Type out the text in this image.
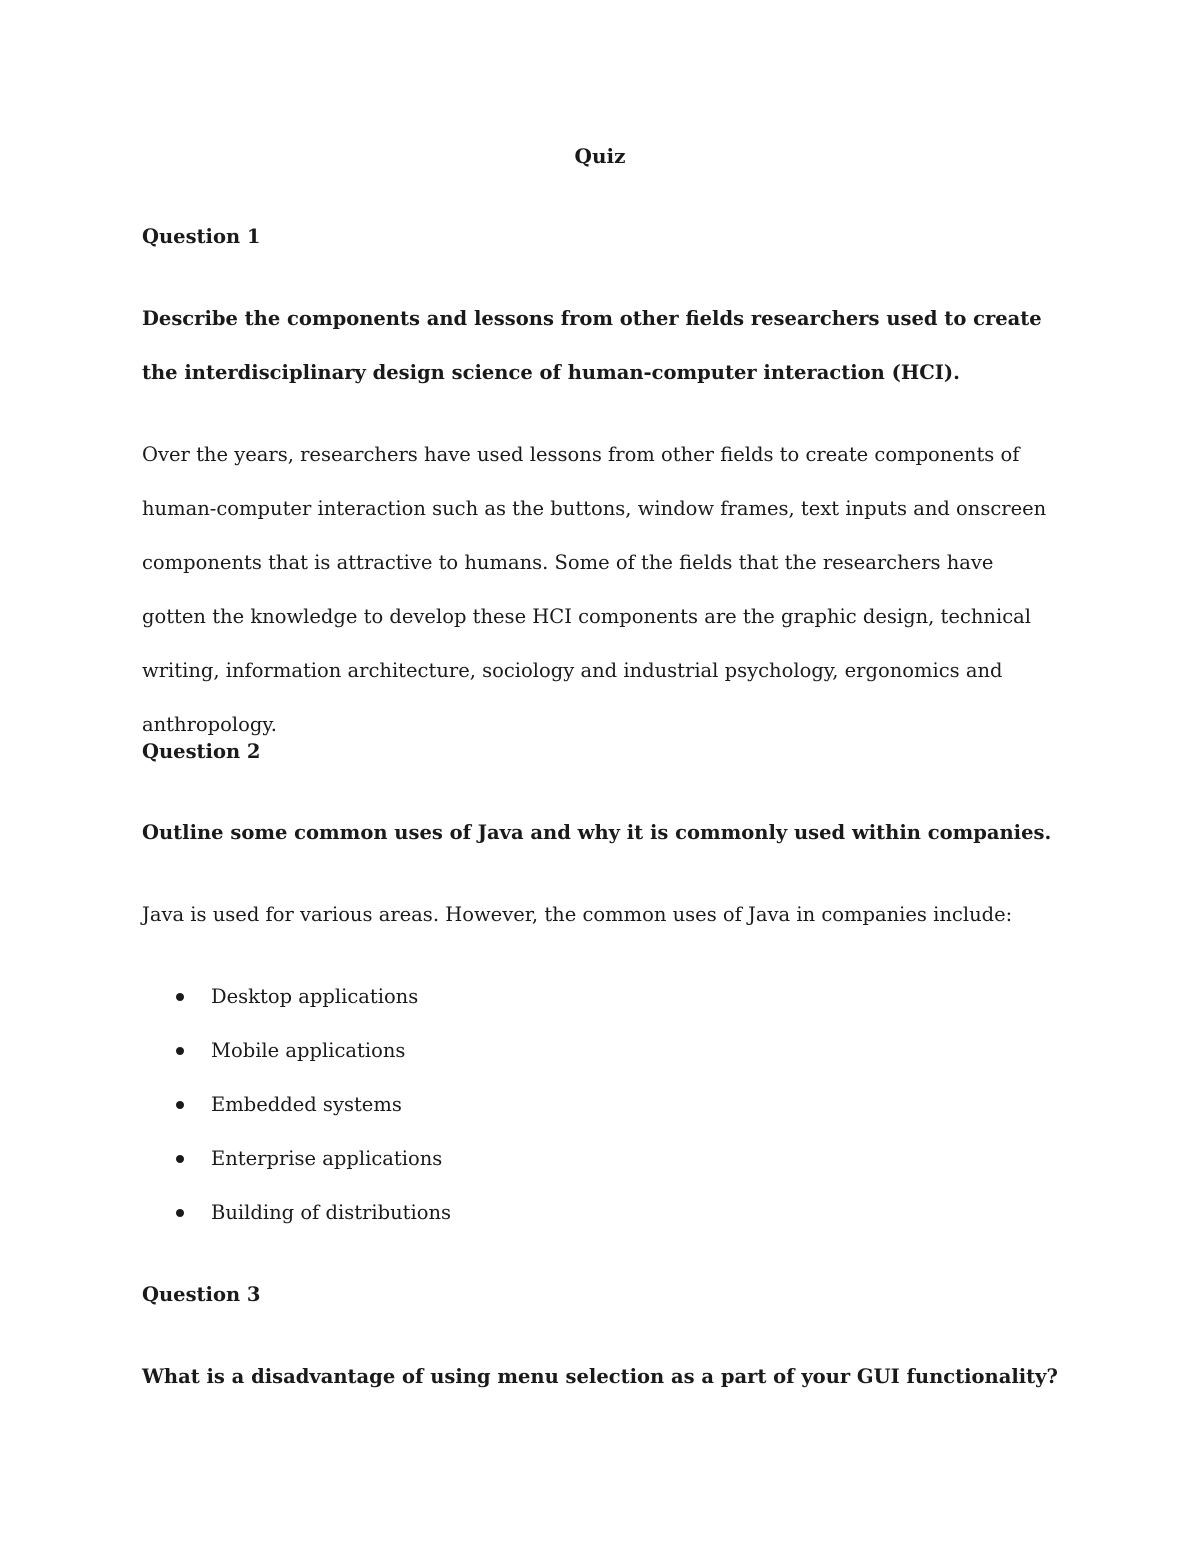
Quiz
Question 1

Describe the components and lessons from other fields researchers used to create the interdisciplinary design science of human-computer interaction (HCI).

Over the years, researchers have used lessons from other fields to create components of human-computer interaction such as the buttons, window frames, text inputs and onscreen components that is attractive to humans. Some of the fields that the researchers have gotten the knowledge to develop these HCI components are the graphic design, technical writing, information architecture, sociology and industrial psychology, ergonomics and anthropology.

Question 2

Outline some common uses of Java and why it is commonly used within companies.

Java is used for various areas. However, the common uses of Java in companies include:

Desktop applications
Mobile applications
Embedded systems
Enterprise applications
Building of distributions
Question 3

What is a disadvantage of using menu selection as a part of your GUI functionality?
